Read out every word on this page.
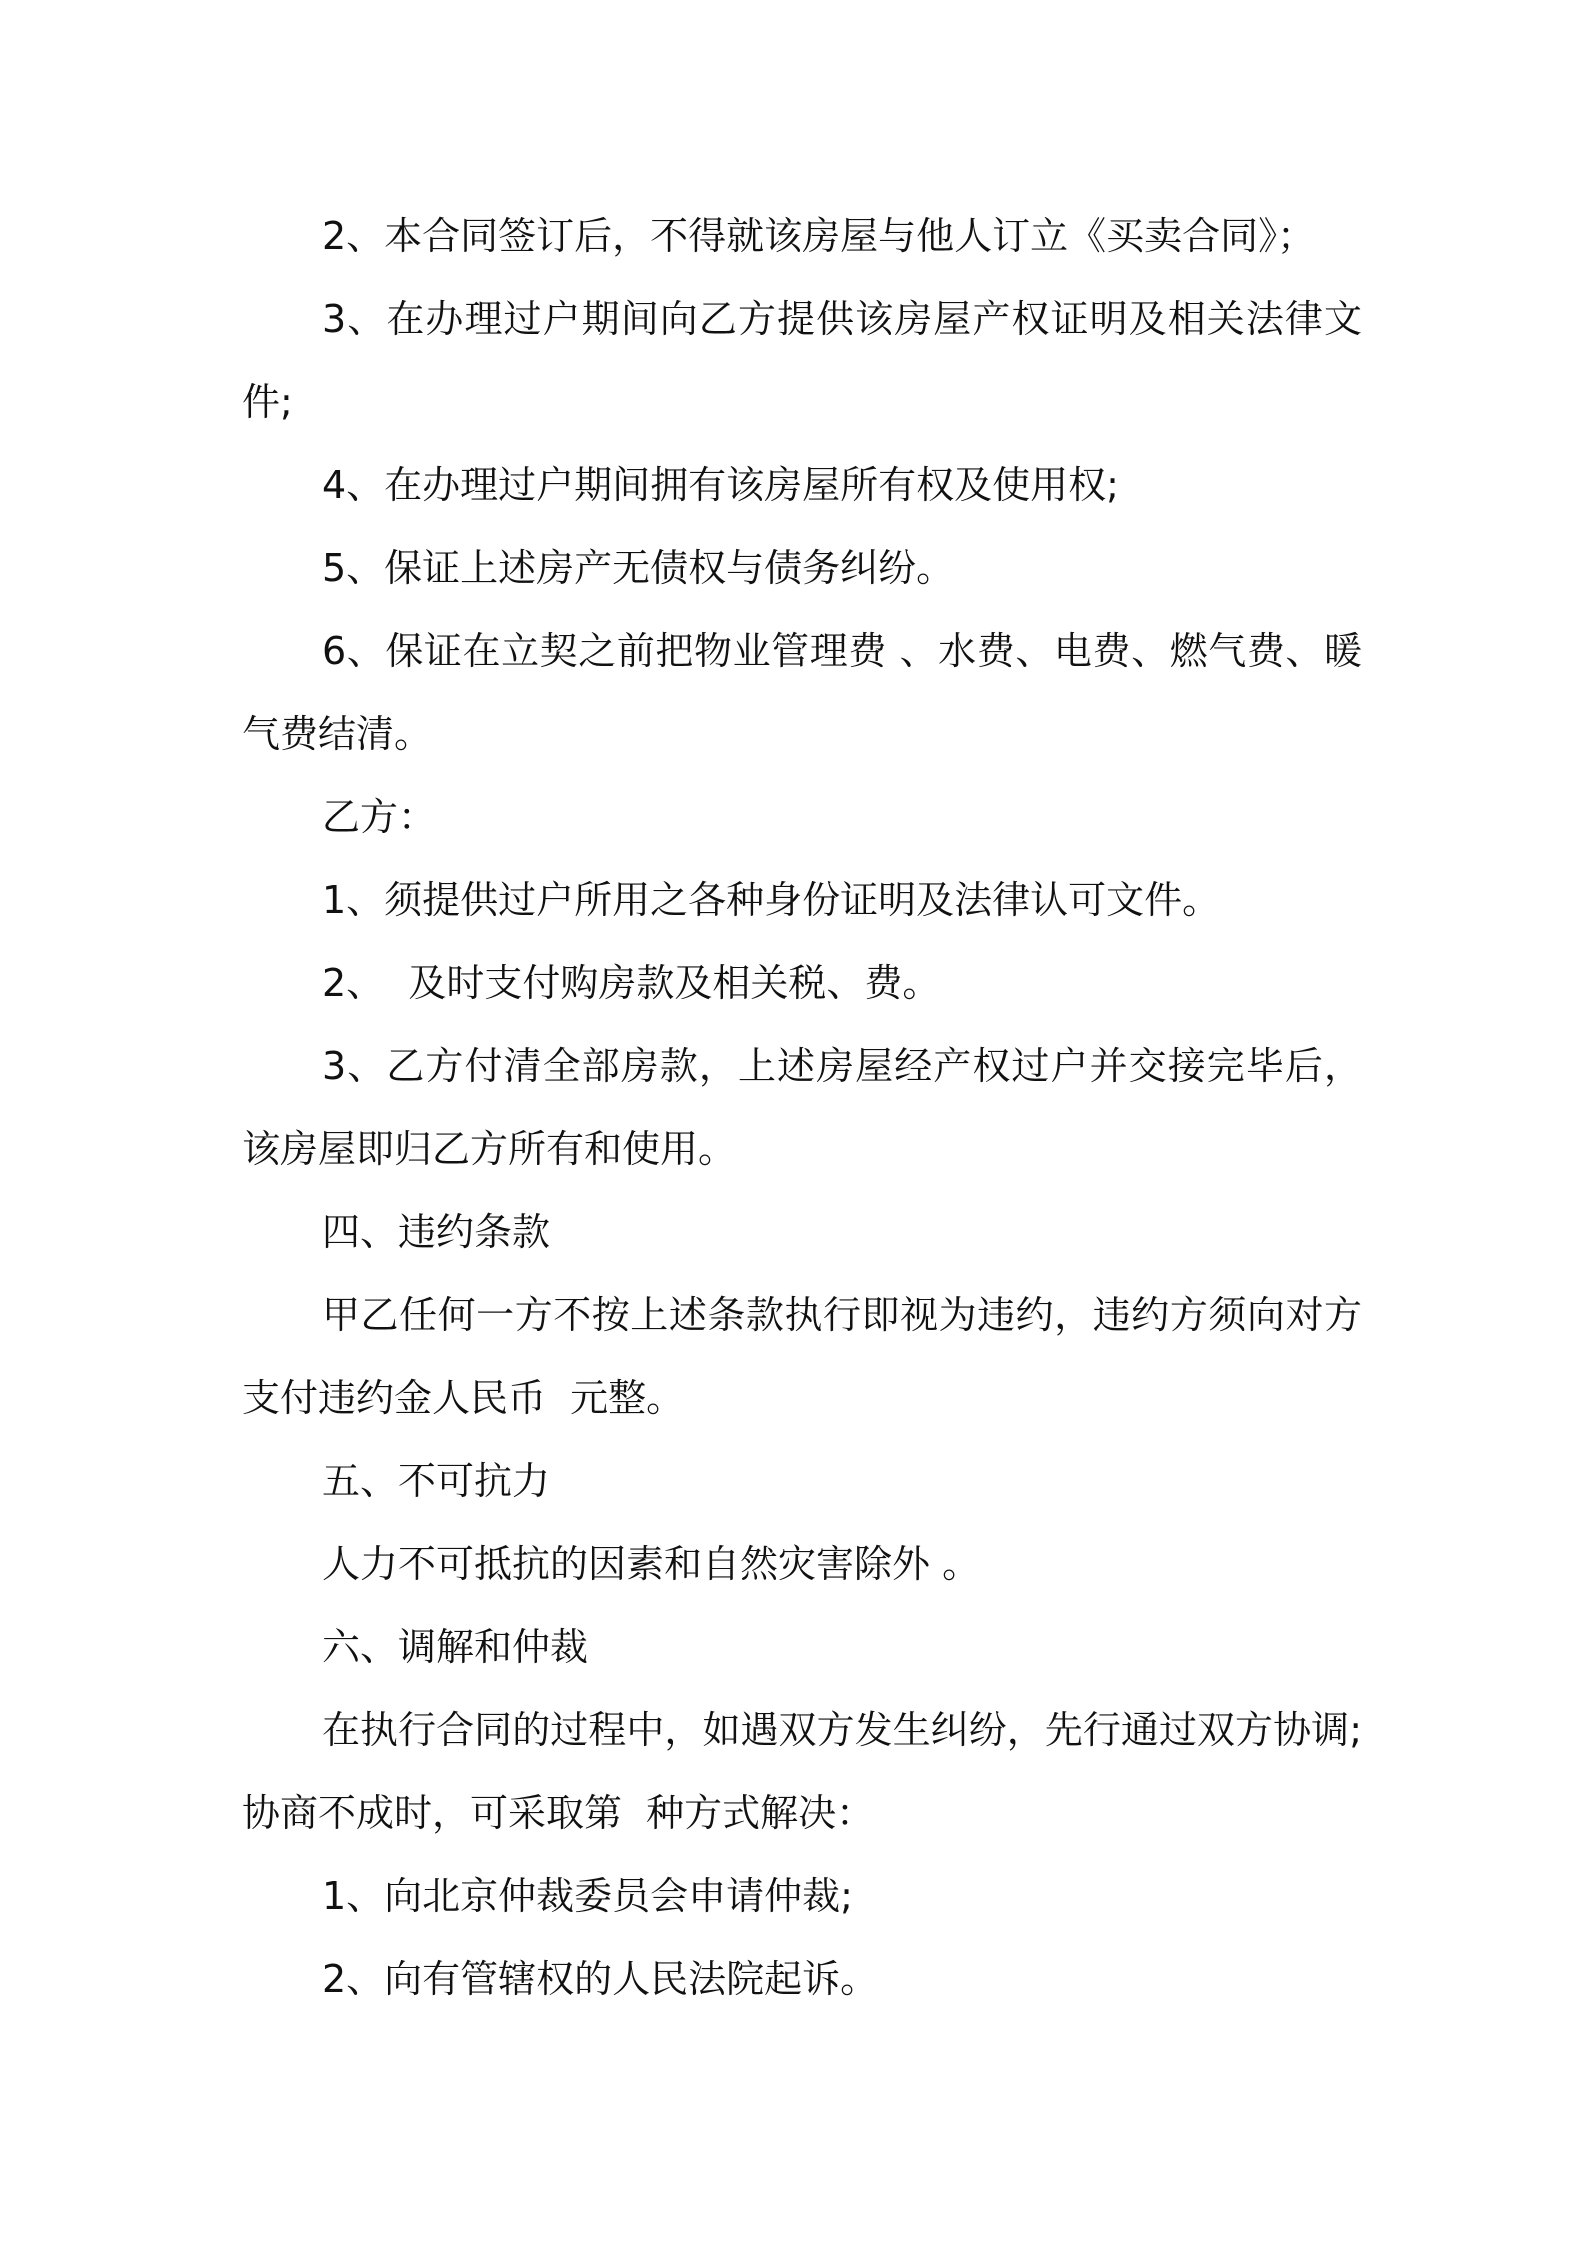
2、本合同签订后，不得就该房屋与他人订立《买卖合同》；

3、在办理过户期间向乙方提供该房屋产权证明及相关法律文件;

4、在办理过户期间拥有该房屋所有权及使用权;

5、保证上述房产无债权与债务纠纷。

6、保证在立契之前把物业管理费 、水费、电费、燃气费、暖气费结清。

乙方：

1、须提供过户所用之各种身份证明及法律认可文件。

2、  及时支付购房款及相关税、费。

3、乙方付清全部房款，上述房屋经产权过户并交接完毕后，该房屋即归乙方所有和使用。

四、违约条款

甲乙任何一方不按上述条款执行即视为违约，违约方须向对方支付违约金人民币  元整。

五、不可抗力

人力不可抵抗的因素和自然灾害除外 。

六、调解和仲裁

在执行合同的过程中，如遇双方发生纠纷，先行通过双方协调;协商不成时，可采取第  种方式解决：

1、向北京仲裁委员会申请仲裁;

2、向有管辖权的人民法院起诉。
